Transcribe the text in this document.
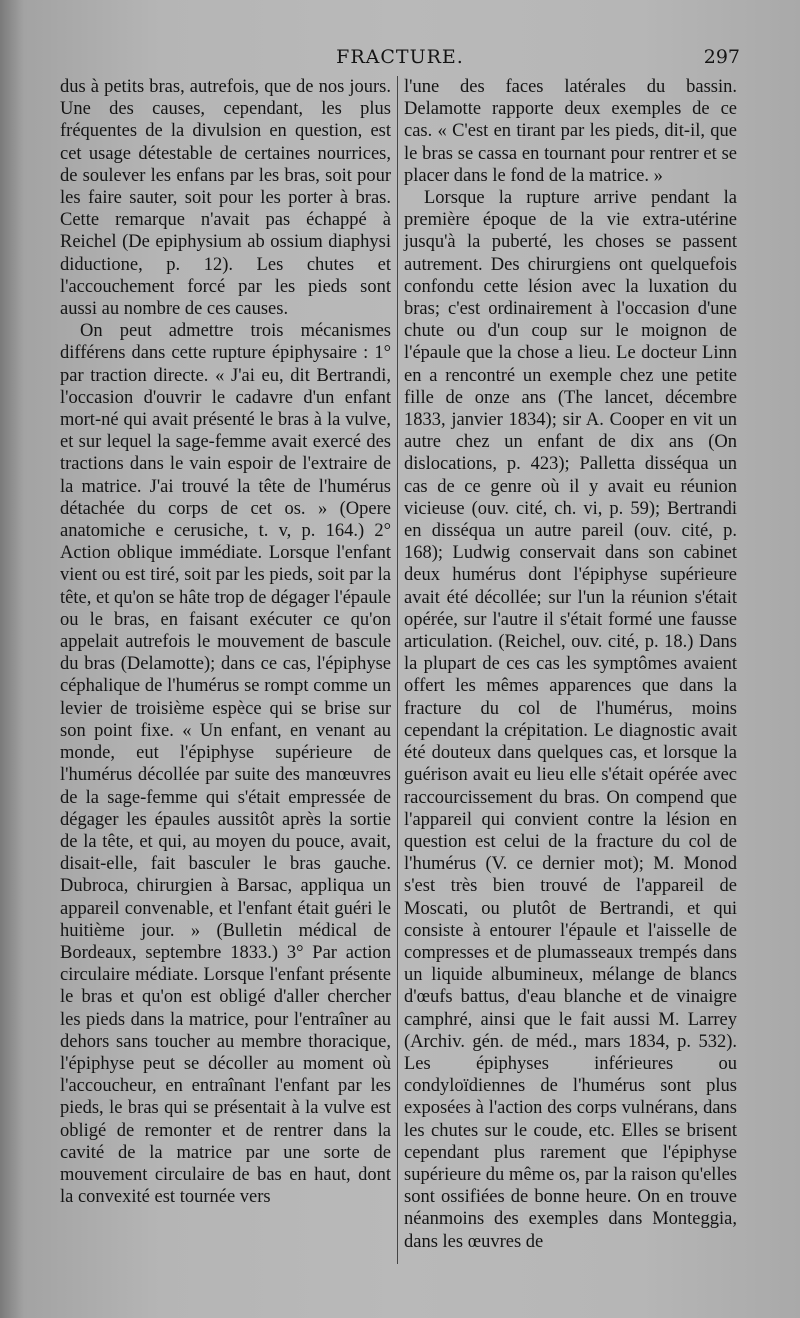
FRACTURE.	297

dus à petits bras, autrefois, que de nos jours. Une des causes, cependant, les plus fréquentes de la divulsion en question, est cet usage détestable de certaines nourrices, de soulever les enfans par les bras, soit pour les faire sauter, soit pour les porter à bras. Cette remarque n'avait pas échappé à Reichel (De epiphysium ab ossium diaphysi diductione, p. 12). Les chutes et l'accouchement forcé par les pieds sont aussi au nombre de ces causes.

On peut admettre trois mécanismes différens dans cette rupture épiphysaire : 1° par traction directe. « J'ai eu, dit Bertrandi, l'occasion d'ouvrir le cadavre d'un enfant mort-né qui avait présenté le bras à la vulve, et sur lequel la sage-femme avait exercé des tractions dans le vain espoir de l'extraire de la matrice. J'ai trouvé la tête de l'humérus détachée du corps de cet os. » (Opere anatomiche e cerusiche, t. v, p. 164.) 2° Action oblique immédiate. Lorsque l'enfant vient ou est tiré, soit par les pieds, soit par la tête, et qu'on se hâte trop de dégager l'épaule ou le bras, en faisant exécuter ce qu'on appelait autrefois le mouvement de bascule du bras (Delamotte); dans ce cas, l'épiphyse céphalique de l'humérus se rompt comme un levier de troisième espèce qui se brise sur son point fixe. « Un enfant, en venant au monde, eut l'épiphyse supérieure de l'humérus décollée par suite des manœuvres de la sage-femme qui s'était empressée de dégager les épaules aussitôt après la sortie de la tête, et qui, au moyen du pouce, avait, disait-elle, fait basculer le bras gauche. Dubroca, chirurgien à Barsac, appliqua un appareil convenable, et l'enfant était guéri le huitième jour. » (Bulletin médical de Bordeaux, septembre 1833.) 3° Par action circulaire médiate. Lorsque l'enfant présente le bras et qu'on est obligé d'aller chercher les pieds dans la matrice, pour l'entraîner au dehors sans toucher au membre thoracique, l'épiphyse peut se décoller au moment où l'accoucheur, en entraînant l'enfant par les pieds, le bras qui se présentait à la vulve est obligé de remonter et de rentrer dans la cavité de la matrice par une sorte de mouvement circulaire de bas en haut, dont la convexité est tournée vers

l'une des faces latérales du bassin. Delamotte rapporte deux exemples de ce cas. « C'est en tirant par les pieds, dit-il, que le bras se cassa en tournant pour rentrer et se placer dans le fond de la matrice. »

Lorsque la rupture arrive pendant la première époque de la vie extra-utérine jusqu'à la puberté, les choses se passent autrement. Des chirurgiens ont quelquefois confondu cette lésion avec la luxation du bras; c'est ordinairement à l'occasion d'une chute ou d'un coup sur le moignon de l'épaule que la chose a lieu. Le docteur Linn en a rencontré un exemple chez une petite fille de onze ans (The lancet, décembre 1833, janvier 1834); sir A. Cooper en vit un autre chez un enfant de dix ans (On dislocations, p. 423); Palletta disséqua un cas de ce genre où il y avait eu réunion vicieuse (ouv. cité, ch. vi, p. 59); Bertrandi en disséqua un autre pareil (ouv. cité, p. 168); Ludwig conservait dans son cabinet deux humérus dont l'épiphyse supérieure avait été décollée; sur l'un la réunion s'était opérée, sur l'autre il s'était formé une fausse articulation. (Reichel, ouv. cité, p. 18.) Dans la plupart de ces cas les symptômes avaient offert les mêmes apparences que dans la fracture du col de l'humérus, moins cependant la crépitation. Le diagnostic avait été douteux dans quelques cas, et lorsque la guérison avait eu lieu elle s'était opérée avec raccourcissement du bras. On compend que l'appareil qui convient contre la lésion en question est celui de la fracture du col de l'humérus (V. ce dernier mot); M. Monod s'est très bien trouvé de l'appareil de Moscati, ou plutôt de Bertrandi, et qui consiste à entourer l'épaule et l'aisselle de compresses et de plumasseaux trempés dans un liquide albumineux, mélange de blancs d'œufs battus, d'eau blanche et de vinaigre camphré, ainsi que le fait aussi M. Larrey (Archiv. gén. de méd., mars 1834, p. 532). Les épiphyses inférieures ou condyloïdiennes de l'humérus sont plus exposées à l'action des corps vulnérans, dans les chutes sur le coude, etc. Elles se brisent cependant plus rarement que l'épiphyse supérieure du même os, par la raison qu'elles sont ossifiées de bonne heure. On en trouve néanmoins des exemples dans Monteggia, dans les œuvres de
